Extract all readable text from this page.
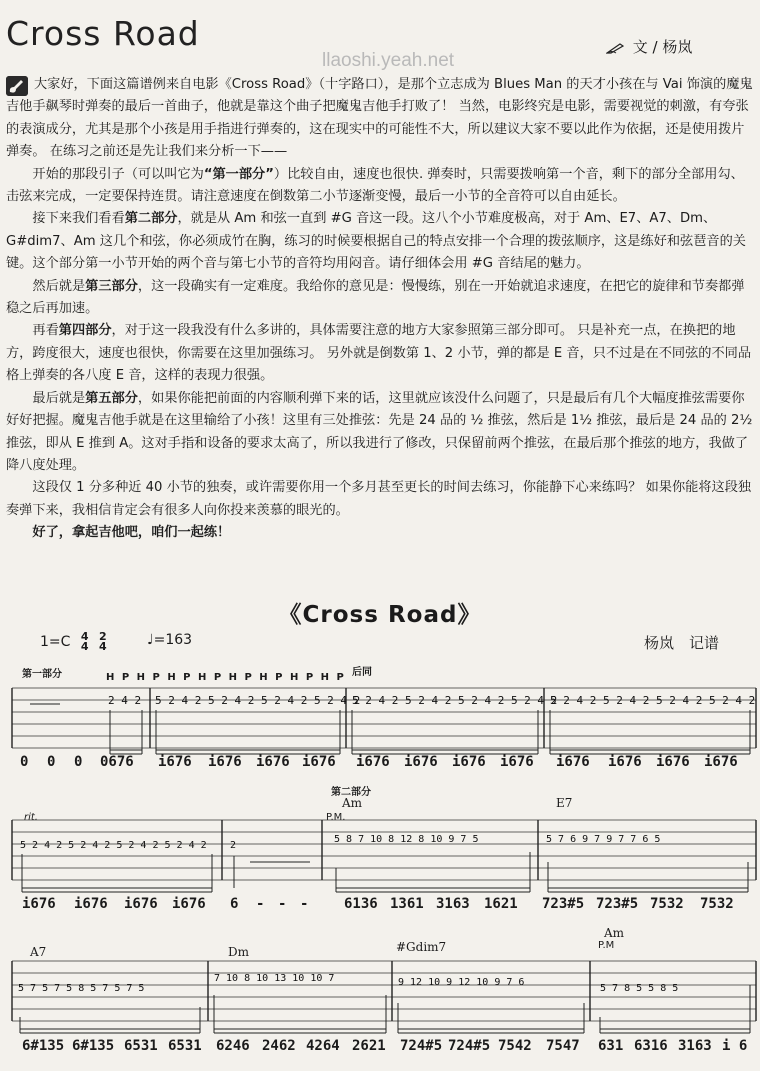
Cross Road
llaoshi.yeah.net
文 / 杨岚

大家好，下面这篇谱例来自电影《Cross Road》（十字路口），是那个立志成为 Blues Man 的天才小孩在与 Vai 饰演的魔鬼吉他手飙琴时弹奏的最后一首曲子，他就是靠这个曲子把魔鬼吉他手打败了！ 当然，电影终究是电影，需要视觉的刺激，有夸张的表演成分，尤其是那个小孩是用手指进行弹奏的，这在现实中的可能性不大，所以建议大家不要以此作为依据，还是使用拨片弹奏。 在练习之前还是先让我们来分析一下——

开始的那段引子（可以叫它为“第一部分”）比较自由，速度也很快. 弹奏时，只需要拨响第一个音，剩下的部分全部用勾、击弦来完成，一定要保持连贯。请注意速度在倒数第二小节逐渐变慢，最后一小节的全音符可以自由延长。

接下来我们看看第二部分，就是从 Am 和弦一直到 #G 音这一段。这八个小节难度极高，对于 Am、E7、A7、Dm、G#dim7、Am 这几个和弦，你必须成竹在胸，练习的时候要根据自己的特点安排一个合理的拨弦顺序，这是练好和弦琶音的关键。这个部分第一小节开始的两个音与第七小节的音符均用闷音。请仔细体会用 #G 音结尾的魅力。

然后就是第三部分，这一段确实有一定难度。我给你的意见是：慢慢练，别在一开始就追求速度，在把它的旋律和节奏都弹稳之后再加速。

再看第四部分，对于这一段我没有什么多讲的，具体需要注意的地方大家参照第三部分即可。 只是补充一点，在换把的地方，跨度很大，速度也很快，你需要在这里加强练习。 另外就是倒数第 1、2 小节，弹的都是 E 音，只不过是在不同弦的不同品格上弹奏的各八度 E 音，这样的表现力很强。

最后就是第五部分，如果你能把前面的内容顺利弹下来的话，这里就应该没什么问题了，只是最后有几个大幅度推弦需要你好好把握。魔鬼吉他手就是在这里输给了小孩！这里有三处推弦：先是 24 品的 ½ 推弦，然后是 1½ 推弦，最后是 24 品的 2½ 推弦，即从 E 推到 A。这对手指和设备的要求太高了，所以我进行了修改，只保留前两个推弦，在最后那个推弦的地方，我做了降八度处理。

这段仅 1 分多种近 40 小节的独奏，或许需要你用一个多月甚至更长的时间去练习，你能静下心来练吗？ 如果你能将这段独奏弹下来，我相信肯定会有很多人向你投来羡慕的眼光的。

好了，拿起吉他吧，咱们一起练！

《Cross Road》
1=C 4
4 2
4	♩=163	杨岚　记谱
第一部分	H P H P H P H P H P H P H P H P 后同
第二部分
rit.	P.M.
P.M
Am	E7
A7	Dm	#Gdim7
Am
2 4 2 5 2 4 2 5 2 4 2 5 2 4 2 5 2 4 2
5 2 4 2 5 2 4 2 5 2 4 2 5 2 4 2
5 2 4 2 5 2 4 2 5 2 4 2 5 2 4 2
0 0 0 0676 i676 i676 i676 i676 i676 i676 i676 i676 i676 i676 i676 i676
5 2 4 2 5 2 4 2 5 2 4 2 5 2 4 2 2
5 8 7 10 8 12 8 10 9 7 5	5 7 6 9 7 9 7 7 6 5
i676 i676 i676 i676 6 - - -	6136 1361 3163 1621 723#5 723#5 7532 7532
5 7 5 7 5 8 5 7 5 7 5
7 10 8 10 13 10 10 7	9 12 10 9 12 10 9 7 6
5 7 8 5 5 8 5
6#135 6#135 6531 6531 6246 2462 4264 2621 724#5 724#5 7542 7547 631 6316 3163 i 6
